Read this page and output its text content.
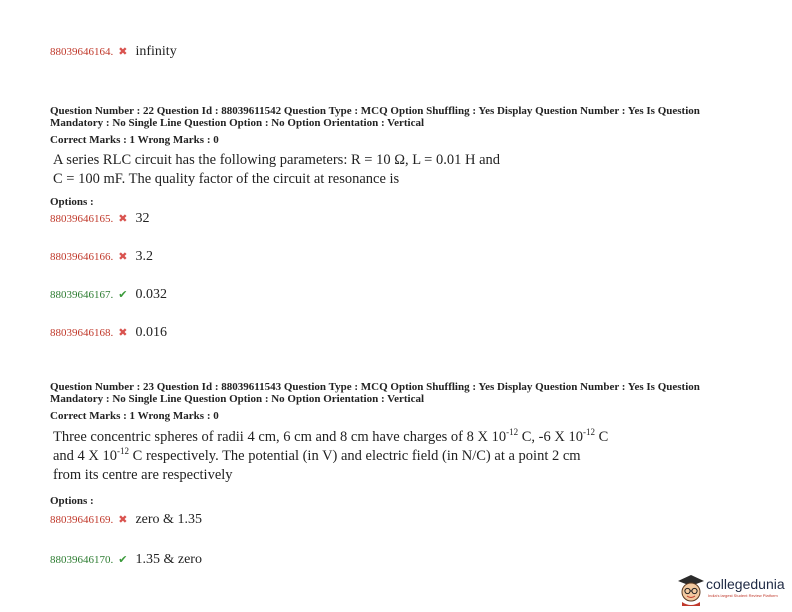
88039646164. ✖ infinity
Question Number : 22 Question Id : 88039611542 Question Type : MCQ Option Shuffling : Yes Display Question Number : Yes Is Question Mandatory : No Single Line Question Option : No Option Orientation : Vertical
Correct Marks : 1 Wrong Marks : 0
A series RLC circuit has the following parameters: R = 10 Ω, L = 0.01 H and
C = 100 mF. The quality factor of the circuit at resonance is
Options :
88039646165. ✖ 32
88039646166. ✖ 3.2
88039646167. ✔ 0.032
88039646168. ✖ 0.016
Question Number : 23 Question Id : 88039611543 Question Type : MCQ Option Shuffling : Yes Display Question Number : Yes Is Question Mandatory : No Single Line Question Option : No Option Orientation : Vertical
Correct Marks : 1 Wrong Marks : 0
Three concentric spheres of radii 4 cm, 6 cm and 8 cm have charges of 8 X $10^{-12}$ C, -6 X $10^{-12}$ C
and 4 X $10^{-12}$ C respectively. The potential (in V) and electric field (in N/C) at a point 2 cm
from its centre are respectively
Options :
88039646169. ✖ zero & 1.35
88039646170. ✔ 1.35 & zero
collegedunia
India's largest Student Review Platform
